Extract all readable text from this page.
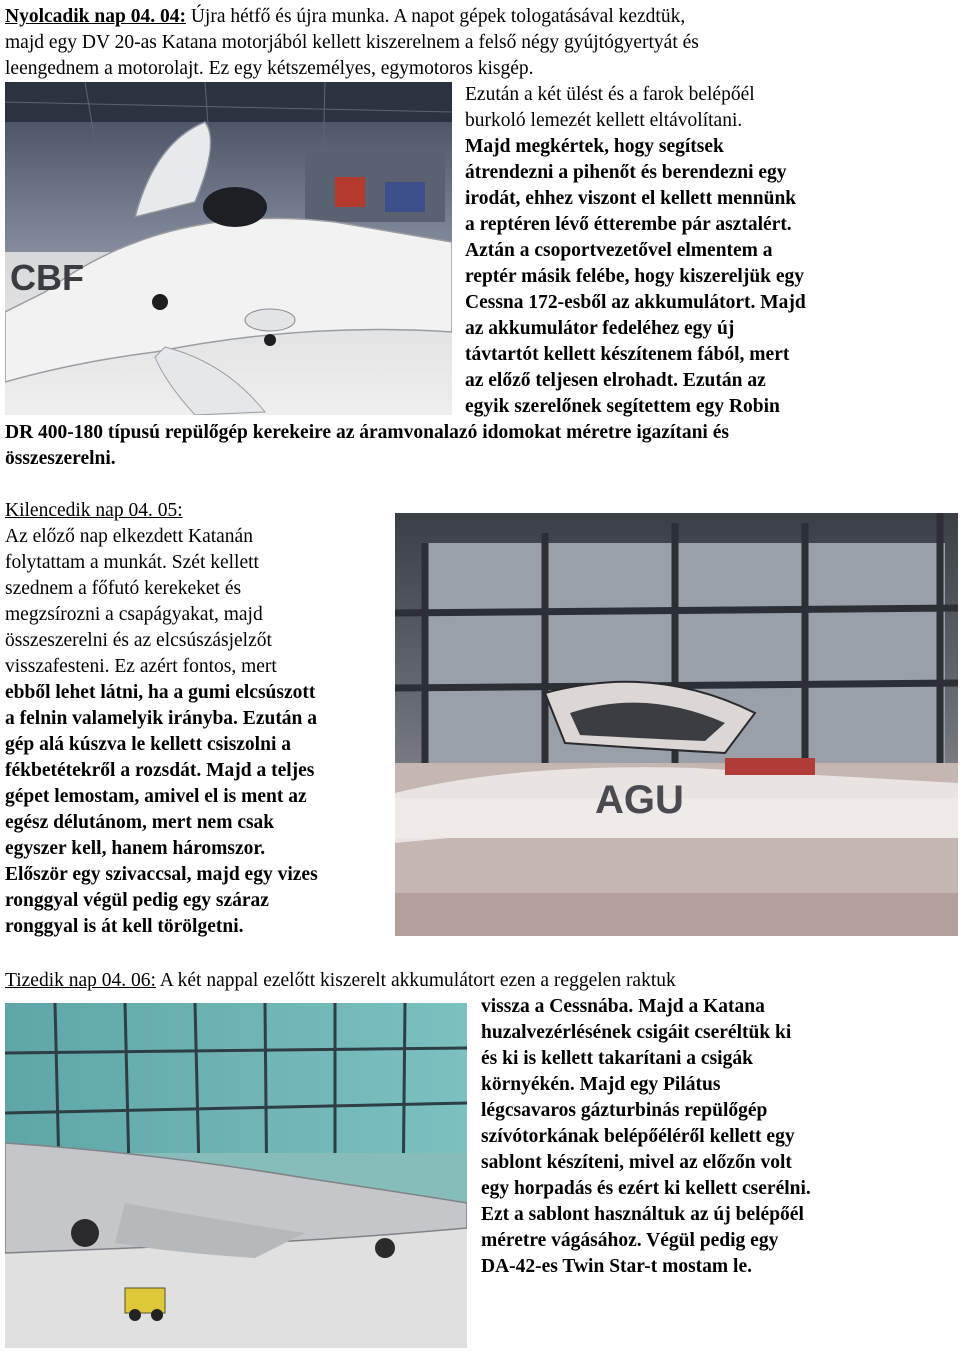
Nyolcadik nap 04. 04: Újra hétfő és újra munka. A napot gépek tologatásával kezdtük,
majd egy DV 20-as Katana motorjából kellett kiszerelnem a felső négy gyújtógyertyát és
leengednem a motorolajt. Ez egy kétszemélyes, egymotoros kisgép.
Ezután a két ülést és a farok belépőél
burkoló lemezét kellett eltávolítani.
Majd megkértek, hogy segítsek
átrendezni a pihenőt és berendezni egy
irodát, ehhez viszont el kellett mennünk
a reptéren lévő étterembe pár asztalért.
Aztán a csoportvezetővel elmentem a
reptér másik felébe, hogy kiszereljük egy
Cessna 172-esből az akkumulátort. Majd
az akkumulátor fedeléhez egy új
távtartót kellett készítenem fából, mert
az előző teljesen elrohadt. Ezután az
egyik szerelőnek segítettem egy Robin
DR 400-180 típusú repülőgép kerekeire az áramvonalazó idomokat méretre igazítani és
összeszerelni.
CBF
Kilencedik nap 04. 05:
Az előző nap elkezdett Katanán
folytattam a munkát. Szét kellett
szednem a főfutó kerekeket és
megzsírozni a csapágyakat, majd
összeszerelni és az elcsúszásjelzőt
visszafesteni. Ez azért fontos, mert
ebből lehet látni, ha a gumi elcsúszott
a felnin valamelyik irányba. Ezután a
gép alá kúszva le kellett csiszolni a
fékbetétekről a rozsdát. Majd a teljes
gépet lemostam, amivel el is ment az
egész délutánom, mert nem csak
egyszer kell, hanem háromszor.
Először egy szivaccsal, majd egy vizes
ronggyal végül pedig egy száraz
ronggyal is át kell törölgetni.
AGU
Tizedik nap 04. 06: A két nappal ezelőtt kiszerelt akkumulátort ezen a reggelen raktuk
vissza a Cessnába. Majd a Katana
huzalvezérlésének csigáit cseréltük ki
és ki is kellett takarítani a csigák
környékén. Majd egy Pilátus
légcsavaros gázturbinás repülőgép
szívótorkának belépőéléről kellett egy
sablont készíteni, mivel az előzőn volt
egy horpadás és ezért ki kellett cserélni.
Ezt a sablont használtuk az új belépőél
méretre vágásához. Végül pedig egy
DA-42-es Twin Star-t mostam le.
